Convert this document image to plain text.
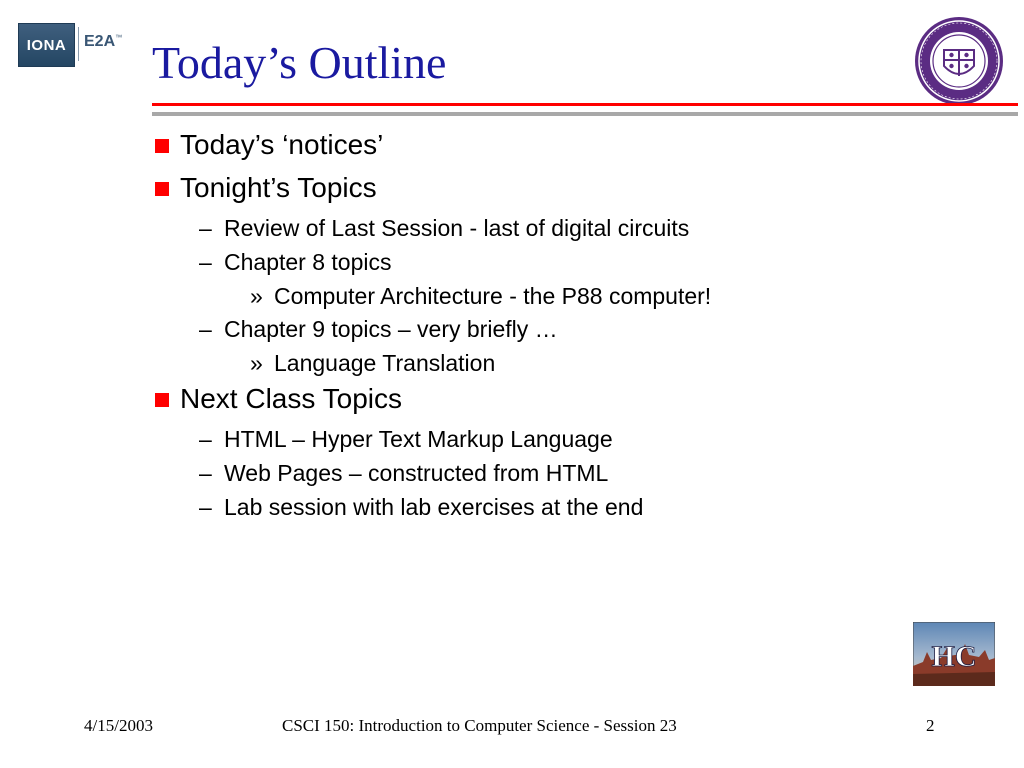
IONA E2A™ Today’s Outline
Today’s ‘notices’
Tonight’s Topics
– Review of Last Session - last of digital circuits
– Chapter 8 topics
» Computer Architecture - the P88 computer!
– Chapter 9 topics – very briefly …
» Language Translation
Next Class Topics
– HTML – Hyper Text Markup Language
– Web Pages – constructed from HTML
– Lab session with lab exercises at the end
HC
4/15/2003	CSCI 150: Introduction to Computer Science - Session 23	2
